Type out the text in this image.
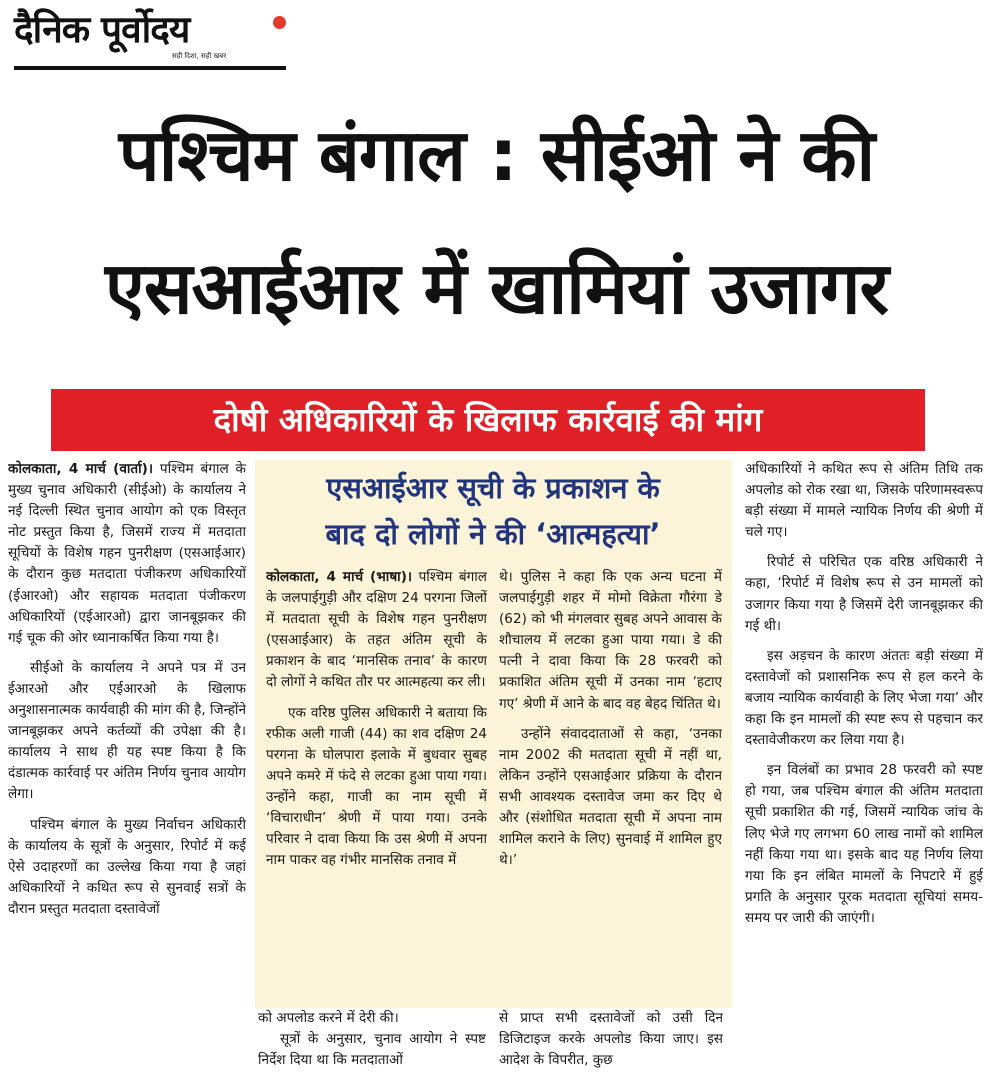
दैनिक पूर्वोदय
सही दिशा, सही खबर
पश्चिम बंगाल : सीईओ ने की
एसआईआर में खामियां उजागर
दोषी अधिकारियों के खिलाफ कार्रवाई की मांग

कोलकाता, 4 मार्च (वार्ता)। पश्चिम बंगाल के मुख्य चुनाव अधिकारी (सीईओ) के कार्यालय ने नई दिल्ली स्थित चुनाव आयोग को एक विस्तृत नोट प्रस्तुत किया है, जिसमें राज्य में मतदाता सूचियों के विशेष गहन पुनरीक्षण (एसआईआर) के दौरान कुछ मतदाता पंजीकरण अधिकारियों (ईआरओ) और सहायक मतदाता पंजीकरण अधिकारियों (एईआरओ) द्वारा जानबूझकर की गई चूक की ओर ध्यानाकर्षित किया गया है।

सीईओ के कार्यालय ने अपने पत्र में उन ईआरओ और एईआरओ के खिलाफ अनुशासनात्मक कार्यवाही की मांग की है, जिन्होंने जानबूझकर अपने कर्तव्यों की उपेक्षा की है। कार्यालय ने साथ ही यह स्पष्ट किया है कि दंडात्मक कार्रवाई पर अंतिम निर्णय चुनाव आयोग लेगा।

पश्चिम बंगाल के मुख्य निर्वाचन अधिकारी के कार्यालय के सूत्रों के अनुसार, रिपोर्ट में कई ऐसे उदाहरणों का उल्लेख किया गया है जहां अधिकारियों ने कथित रूप से सुनवाई सत्रों के दौरान प्रस्तुत मतदाता दस्तावेजों

एसआईआर सूची के प्रकाशन के
बाद दो लोगों ने की ‘आत्महत्या’

कोलकाता, 4 मार्च (भाषा)। पश्चिम बंगाल के जलपाईगुड़ी और दक्षिण 24 परगना जिलों में मतदाता सूची के विशेष गहन पुनरीक्षण (एसआईआर) के तहत अंतिम सूची के प्रकाशन के बाद ‘मानसिक तनाव’ के कारण दो लोगों ने कथित तौर पर आत्महत्या कर ली।

एक वरिष्ठ पुलिस अधिकारी ने बताया कि रफीक अली गाजी (44) का शव दक्षिण 24 परगना के घोलपारा इलाके में बुधवार सुबह अपने कमरे में फंदे से लटका हुआ पाया गया। उन्होंने कहा, गाजी का नाम सूची में ‘विचाराधीन’ श्रेणी में पाया गया। उनके परिवार ने दावा किया कि उस श्रेणी में अपना नाम पाकर वह गंभीर मानसिक तनाव में

थे। पुलिस ने कहा कि एक अन्य घटना में जलपाईगुड़ी शहर में मोमो विक्रेता गौरंगा डे (62) को भी मंगलवार सुबह अपने आवास के शौचालय में लटका हुआ पाया गया। डे की पत्नी ने दावा किया कि 28 फरवरी को प्रकाशित अंतिम सूची में उनका नाम ‘हटाए गए’ श्रेणी में आने के बाद वह बेहद चिंतित थे।

उन्होंने संवाददाताओं से कहा, ‘उनका नाम 2002 की मतदाता सूची में नहीं था, लेकिन उन्होंने एसआईआर प्रक्रिया के दौरान सभी आवश्यक दस्तावेज जमा कर दिए थे और (संशोधित मतदाता सूची में अपना नाम शामिल कराने के लिए) सुनवाई में शामिल हुए थे।’

को अपलोड करने में देरी की।

सूत्रों के अनुसार, चुनाव आयोग ने स्पष्ट निर्देश दिया था कि मतदाताओं

से प्राप्त सभी दस्तावेजों को उसी दिन डिजिटाइज करके अपलोड किया जाए। इस आदेश के विपरीत, कुछ

अधिकारियों ने कथित रूप से अंतिम तिथि तक अपलोड को रोक रखा था, जिसके परिणामस्वरूप बड़ी संख्या में मामले न्यायिक निर्णय की श्रेणी में चले गए।

रिपोर्ट से परिचित एक वरिष्ठ अधिकारी ने कहा, ‘रिपोर्ट में विशेष रूप से उन मामलों को उजागर किया गया है जिसमें देरी जानबूझकर की गई थी।

इस अड़चन के कारण अंततः बड़ी संख्या में दस्तावेजों को प्रशासनिक रूप से हल करने के बजाय न्यायिक कार्यवाही के लिए भेजा गया’ और कहा कि इन मामलों की स्पष्ट रूप से पहचान कर दस्तावेजीकरण कर लिया गया है।

इन विलंबों का प्रभाव 28 फरवरी को स्पष्ट हो गया, जब पश्चिम बंगाल की अंतिम मतदाता सूची प्रकाशित की गई, जिसमें न्यायिक जांच के लिए भेजे गए लगभग 60 लाख नामों को शामिल नहीं किया गया था। इसके बाद यह निर्णय लिया गया कि इन लंबित मामलों के निपटारे में हुई प्रगति के अनुसार पूरक मतदाता सूचियां समय-समय पर जारी की जाएंगी।
